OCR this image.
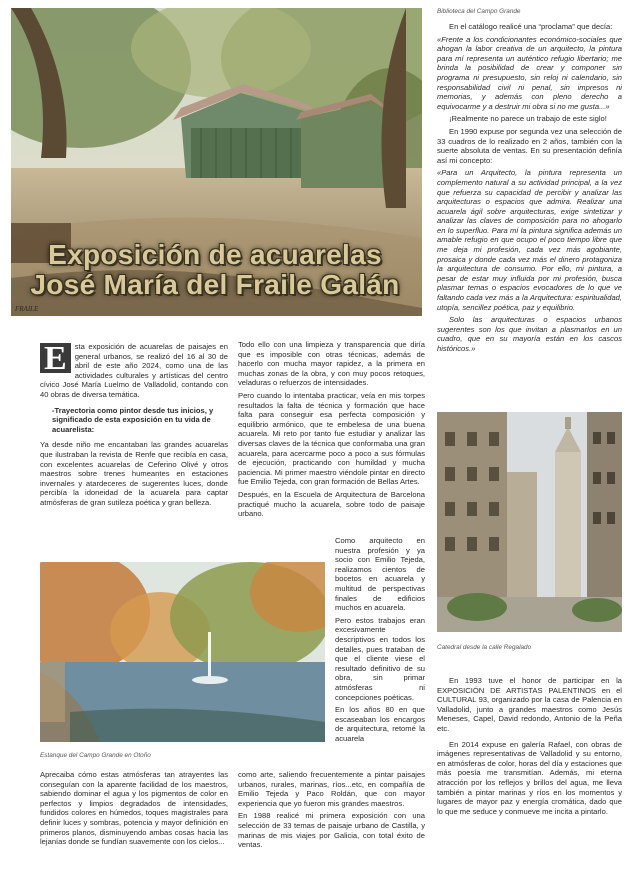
FRAILE
Exposición de acuarelas
José María del Fraile Galán

E	sta exposición de acuarelas de paisajes en general urbanos, se realizó del 16 al 30 de abril de este año 2024, como una de las actividades culturales y artísticas del centro cívico José María Luelmo de Valladolid, contando con 40 obras de diversa temática.

-Trayectoria como pintor desde tus inicios, y significado de esta exposición en tu vida de acuarelista:

Ya desde niño me encantaban las grandes acuarelas que ilustraban la revista de Renfe que recibía en casa, con excelentes acuarelas de Ceferino Olivé y otros maestros sobre trenes humeantes en estaciones invernales y atardeceres de sugerentes luces, donde percibía la idoneidad de la acuarela para captar atmósferas de gran sutileza poética y gran belleza.

Todo ello con una limpieza y transparencia que diría que es imposible con otras técnicas, además de hacerlo con mucha mayor rapidez, a la primera en muchas zonas de la obra, y con muy pocos retoques, veladuras o refuerzos de intensidades.

Pero cuando lo intentaba practicar, veía en mis torpes resultados la falta de técnica y formación que hace falta para conseguir esa perfecta composición y equilibrio armónico, que te embelesa de una buena acuarela. Mi reto por tanto fue estudiar y analizar las diversas claves de la técnica que conformaba una gran acuarela, para acercarme poco a poco a sus fórmulas de ejecución, practicando con humildad y mucha paciencia. Mi primer maestro viéndole pintar en directo fue Emilio Tejeda, con gran formación de Bellas Artes.

Después, en la Escuela de Arquitectura de Barcelona practiqué mucho la acuarela, sobre todo de paisaje urbano.

Estanque del Campo Grande en Otoño

Como arquitecto en nuestra profesión y ya socio con Emilio Tejeda, realizamos cientos de bocetos en acuarela y multitud de perspectivas finales de edificios muchos en acuarela.

Pero estos trabajos eran excesivamente descriptivos en todos los detalles, pues trataban de que el cliente viese el resultado definitivo de su obra, sin primar atmósferas ni concepciones poéticas.

En los años 80 en que escaseaban los encargos de arquitectura, retomé la acuarela

Aprecaiba cómo estas atmósferas tan atrayentes las conseguían con la aparente facilidad de los maestros, sabiendo dominar el agua y los pigmentos de color en perfectos y limpios degradados de intensidades, fundidos colores en húmedos, toques magistrales para definir luces y sombras, potencia y mayor definición en primeros planos, disminuyendo ambas cosas hacia las lejanías donde se fundían suavemente con los cielos...

como arte, saliendo frecuentemente a pintar paisajes urbanos, rurales, marinas, ríos...etc, en compañía de Emilio Tejeda y Paco Roldán, que con mayor experiencia que yo fueron mis grandes maestros.

En 1988 realicé mi primera exposición con una selección de 33 temas de paisaje urbano de Castilla, y marinas de mis viajes por Galicia, con total éxito de ventas.

Biblioteca del Campo Grande

En el catálogo realicé una “proclama” que decía:

«Frente a los condicionantes económico-sociales que ahogan la labor creativa de un arquitecto, la pintura para mí representa un auténtico refugio libertario; me brinda la posibilidad de crear y componer sin programa ni presupuesto, sin reloj ni calendario, sin responsabilidad civil ni penal, sin impresos ni memorias, y además con pleno derecho a equivocarme y a destruir mi obra si no me gusta...»

¡Realmente no parece un trabajo de este siglo!

En 1990 expuse por segunda vez una selección de 33 cuadros de lo realizado en 2 años, también con la suerte absoluta de ventas. En su presentación definía así mi concepto:

«Para un Arquitecto, la pintura representa un complemento natural a su actividad principal, a la vez que refuerza su capacidad de percibir y analizar las arquitecturas o espacios que admira. Realizar una acuarela ágil sobre arquitecturas, exige sintetizar y analizar las claves de composición para no ahogarlo en lo superfluo. Para mí la pintura significa además un amable refugio en que ocupo el poco tiempo libre que me deja mi profesión, cada vez más agobiante, prosaica y donde cada vez más el dinero protagoniza la arquitectura de consumo. Por ello, mi pintura, a pesar de estar muy influida por mi profesión, busca plasmar temas o espacios evocadores de lo que ve faltando cada vez más a la Arquitectura: espiritualidad, utopía, sencillez poética, paz y equilibrio.

Solo las arquitecturas o espacios urbanos sugerentes son los que invitan a plasmarlos en un cuadro, que en su mayoría están en los cascos históricos.»

Catedral desde la calle Regalado

En 1993 tuve el honor de participar en la EXPOSICIÓN DE ARTISTAS PALENTINOS en el CULTURAL 93, organizado por la casa de Palencia en Valladolid, junto a grandes maestros como Jesús Meneses, Capel, David redondo, Antonio de la Peña etc.

En 2014 expuse en galería Rafael, con obras de imágenes representativas de Valladolid y su entorno, en atmósferas de color, horas del día y estaciones que más poesía me transmitían. Además, mi eterna atracción por los reflejos y brillos del agua, me lleva también a pintar marinas y ríos en los momentos y lugares de mayor paz y energía cromática, dado que lo que me seduce y conmueve me incita a pintarlo.
